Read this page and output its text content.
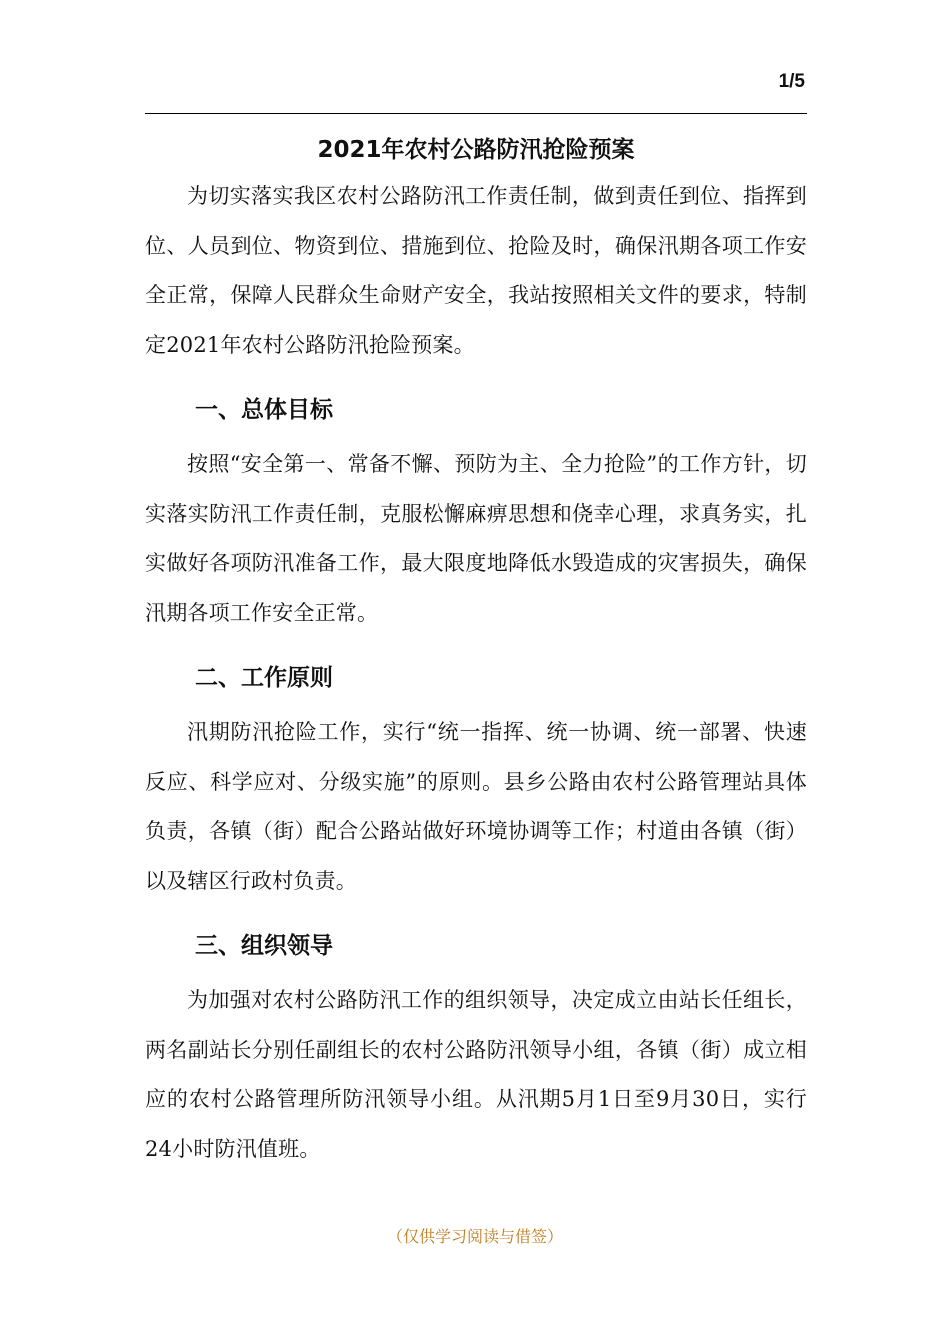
1/5
2021年农村公路防汛抢险预案

为切实落实我区农村公路防汛工作责任制，做到责任到位、指挥到位、人员到位、物资到位、措施到位、抢险及时，确保汛期各项工作安全正常，保障人民群众生命财产安全，我站按照相关文件的要求，特制定2021年农村公路防汛抢险预案。

一、总体目标

按照“安全第一、常备不懈、预防为主、全力抢险”的工作方针，切实落实防汛工作责任制，克服松懈麻痹思想和侥幸心理，求真务实，扎实做好各项防汛准备工作，最大限度地降低水毁造成的灾害损失，确保汛期各项工作安全正常。

二、工作原则

汛期防汛抢险工作，实行“统一指挥、统一协调、统一部署、快速反应、科学应对、分级实施”的原则。县乡公路由农村公路管理站具体负责，各镇（街）配合公路站做好环境协调等工作；村道由各镇（街）以及辖区行政村负责。

三、组织领导

为加强对农村公路防汛工作的组织领导，决定成立由站长任组长，两名副站长分别任副组长的农村公路防汛领导小组，各镇（街）成立相应的农村公路管理所防汛领导小组。从汛期5月1日至9月30日，实行24小时防汛值班。

（仅供学习阅读与借签）
